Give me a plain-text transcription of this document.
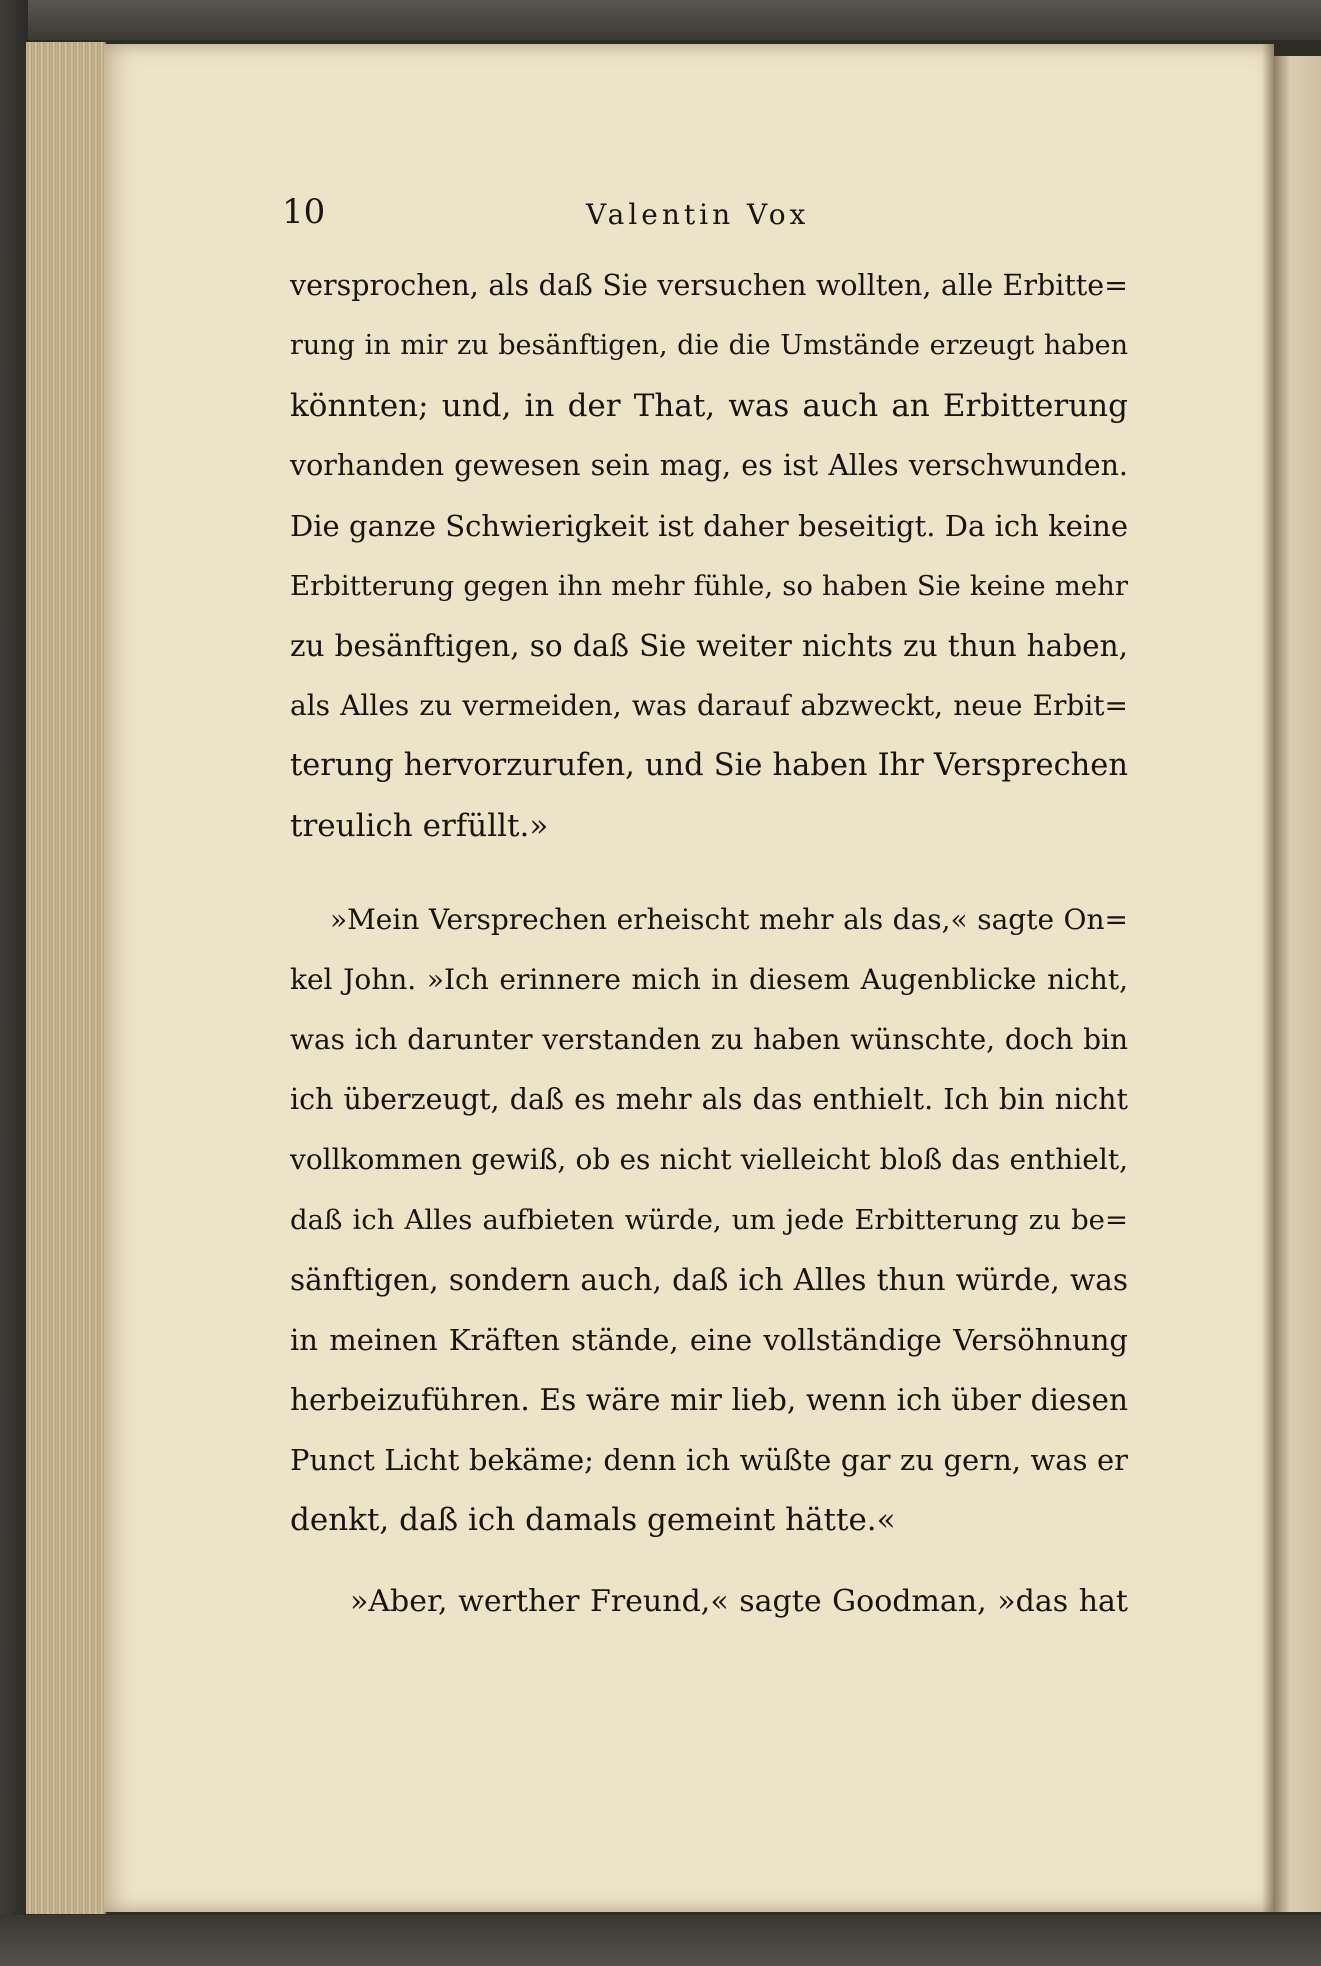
10	Valentin Vox
versprochen, als daß Sie versuchen wollten, alle Erbitte=
rung in mir zu besänftigen, die die Umstände erzeugt haben
könnten; und, in der That, was auch an Erbitterung
vorhanden gewesen sein mag, es ist Alles verschwunden.
Die ganze Schwierigkeit ist daher beseitigt. Da ich keine
Erbitterung gegen ihn mehr fühle, so haben Sie keine mehr
zu besänftigen, so daß Sie weiter nichts zu thun haben,
als Alles zu vermeiden, was darauf abzweckt, neue Erbit=
terung hervorzurufen, und Sie haben Ihr Versprechen
treulich erfüllt.»
»Mein Versprechen erheischt mehr als das,« sagte On=
kel John. »Ich erinnere mich in diesem Augenblicke nicht,
was ich darunter verstanden zu haben wünschte, doch bin
ich überzeugt, daß es mehr als das enthielt. Ich bin nicht
vollkommen gewiß, ob es nicht vielleicht bloß das enthielt,
daß ich Alles aufbieten würde, um jede Erbitterung zu be=
sänftigen, sondern auch, daß ich Alles thun würde, was
in meinen Kräften stände, eine vollständige Versöhnung
herbeizuführen. Es wäre mir lieb, wenn ich über diesen
Punct Licht bekäme; denn ich wüßte gar zu gern, was er
denkt, daß ich damals gemeint hätte.«
»Aber, werther Freund,« sagte Goodman, »das hat
